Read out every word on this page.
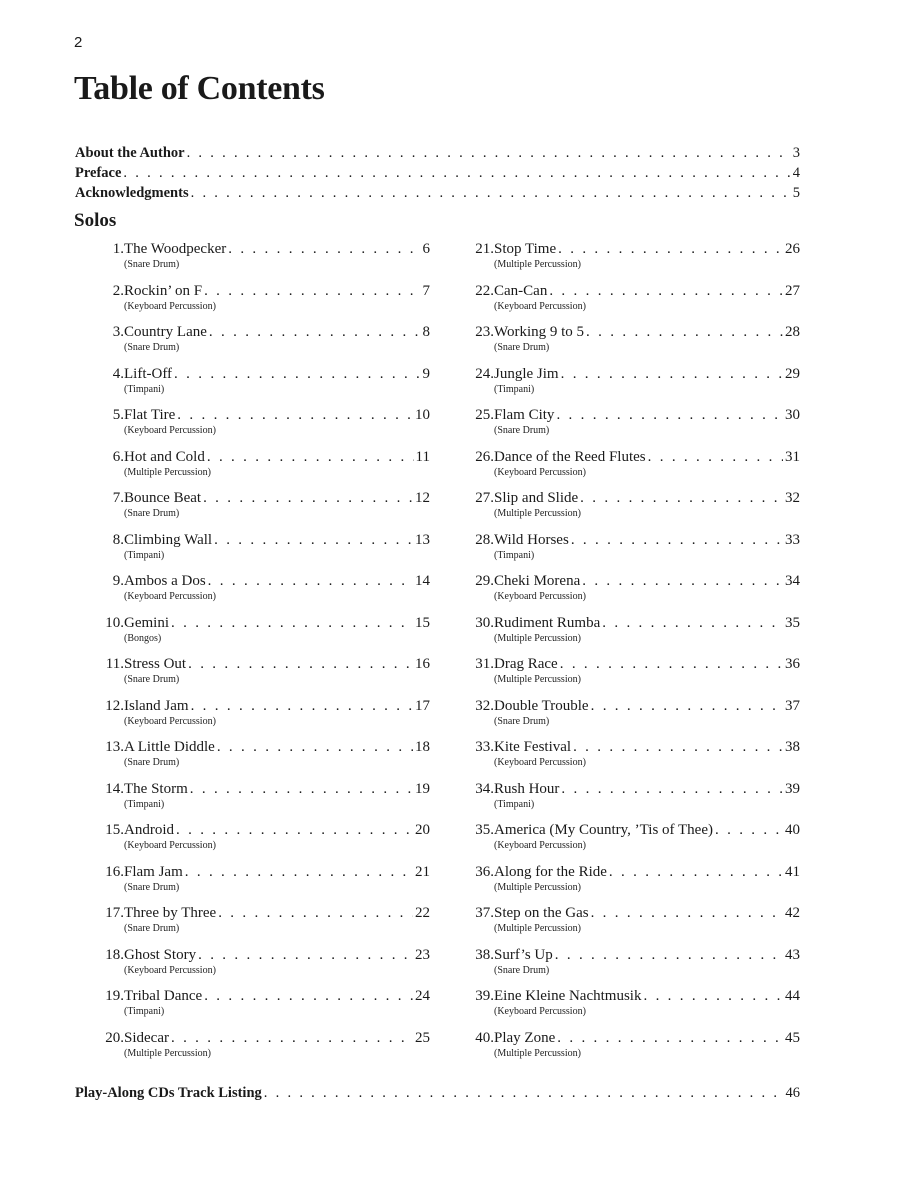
2
Table of Contents
About the Author . . .	3
Preface . . .	4
Acknowledgments . . .	5
Solos
1. The Woodpecker . . .	6
(Snare Drum)
2. Rockin’ on F . . .	7
(Keyboard Percussion)
3. Country Lane . . .	8
(Snare Drum)
4. Lift-Off . . .	9
(Timpani)
5. Flat Tire . . .	10
(Keyboard Percussion)
6. Hot and Cold . . .	11
(Multiple Percussion)
7. Bounce Beat . . .	12
(Snare Drum)
8. Climbing Wall . . .	13
(Timpani)
9. Ambos a Dos . . .	14
(Keyboard Percussion)
10. Gemini . . .	15
(Bongos)
11. Stress Out . . .	16
(Snare Drum)
12. Island Jam . . .	17
(Keyboard Percussion)
13. A Little Diddle . . .	18
(Snare Drum)
14. The Storm . . .	19
(Timpani)
15. Android . . .	20
(Keyboard Percussion)
16. Flam Jam . . .	21
(Snare Drum)
17. Three by Three . . .	22
(Snare Drum)
18. Ghost Story . . .	23
(Keyboard Percussion)
19. Tribal Dance . . .	24
(Timpani)
20. Sidecar . . .	25
(Multiple Percussion)
21. Stop Time . . .	26
(Multiple Percussion)
22. Can-Can . . .	27
(Keyboard Percussion)
23. Working 9 to 5 . . .	28
(Snare Drum)
24. Jungle Jim . . .	29
(Timpani)
25. Flam City . . .	30
(Snare Drum)
26. Dance of the Reed Flutes . . .	31
(Keyboard Percussion)
27. Slip and Slide . . .	32
(Multiple Percussion)
28. Wild Horses . . .	33
(Timpani)
29. Cheki Morena . . .	34
(Keyboard Percussion)
30. Rudiment Rumba . . .	35
(Multiple Percussion)
31. Drag Race . . .	36
(Multiple Percussion)
32. Double Trouble . . .	37
(Snare Drum)
33. Kite Festival . . .	38
(Keyboard Percussion)
34. Rush Hour . . .	39
(Timpani)
35. America (My Country, ’Tis of Thee) . . .	40
(Keyboard Percussion)
36. Along for the Ride . . .	41
(Multiple Percussion)
37. Step on the Gas . . .	42
(Multiple Percussion)
38. Surf’s Up . . .	43
(Snare Drum)
39. Eine Kleine Nachtmusik . . .	44
(Keyboard Percussion)
40. Play Zone . . .	45
(Multiple Percussion)
Play-Along CDs Track Listing . . .	46
